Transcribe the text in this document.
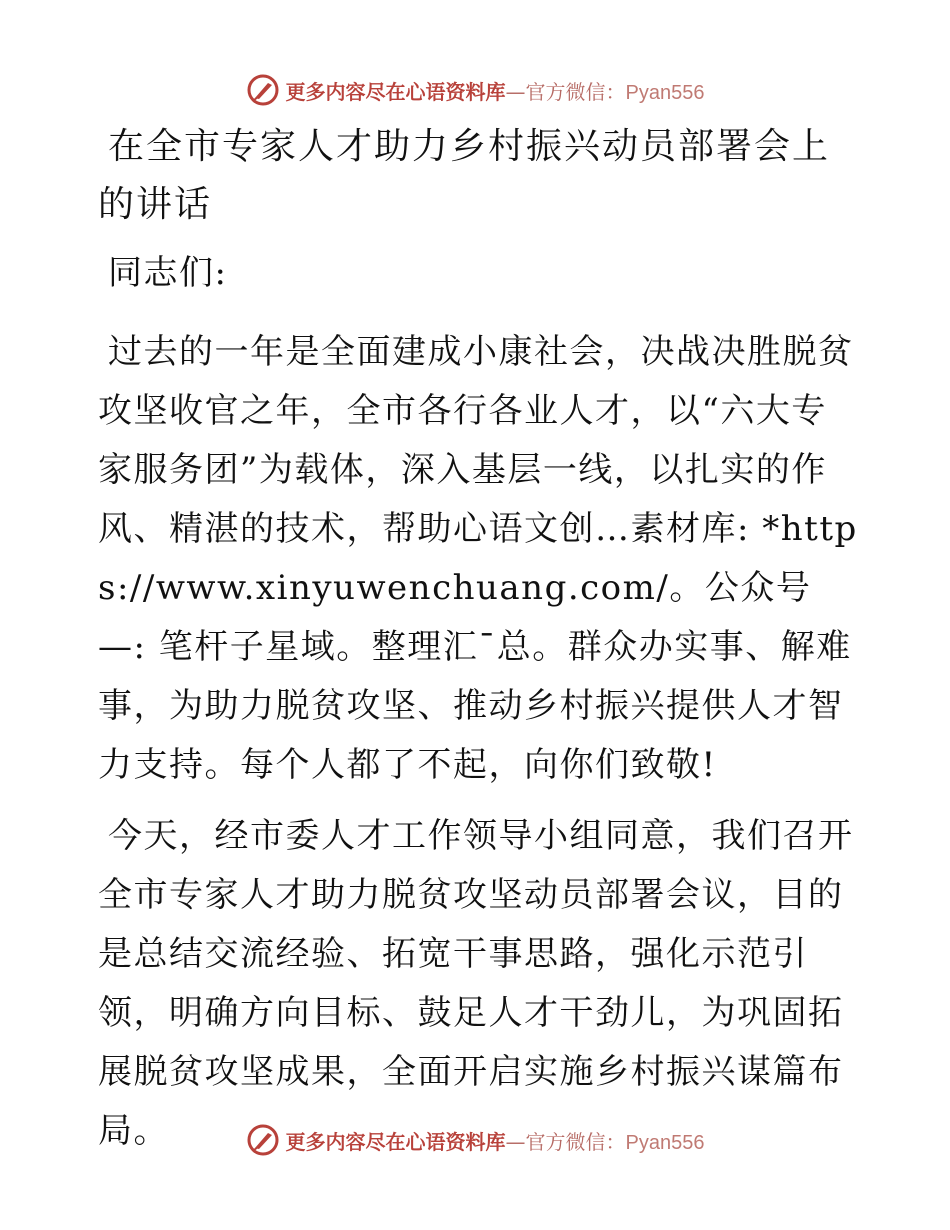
更多内容尽在心语资料库—官方微信：Pyan556
在全市专家人才助力乡村振兴动员部署会上的讲话

同志们:

过去的一年是全面建成小康社会，决战决胜脱贫攻坚收官之年，全市各行各业人才，以“六大专家服务团”为载体，深入基层一线，以扎实的作风、精湛的技术，帮助心语文创…素材库: *https://www.xinyuwenchuang.com/。公众号—: 笔杆子星域。整理汇¯总。群众办实事、解难事，为助力脱贫攻坚、推动乡村振兴提供人才智力支持。每个人都了不起，向你们致敬!

今天，经市委人才工作领导小组同意，我们召开全市专家人才助力脱贫攻坚动员部署会议，目的是总结交流经验、拓宽干事思路，强化示范引领，明确方向目标、鼓足人才干劲儿，为巩固拓展脱贫攻坚成果，全面开启实施乡村振兴谋篇布局。	更多内容尽在心语资料库—官方微信：Pyan556
